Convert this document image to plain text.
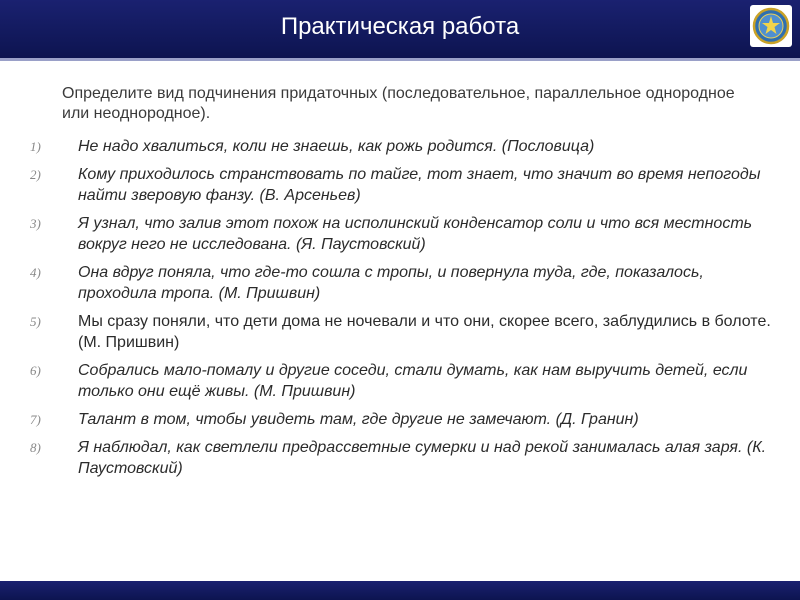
Практическая работа

Определите вид подчинения придаточных (последовательное, параллельное однородное или неоднородное).

1) Не надо хвалиться, коли не знаешь, как рожь родится. (Пословица)
2) Кому приходилось странствовать по тайге, тот знает, что значит во время непогоды найти зверовую фанзу. (В. Арсеньев)
3) Я узнал, что залив этот похож на исполинский конденсатор соли и что вся местность вокруг него не исследована. (Я. Паустовский)
4) Она вдруг поняла, что где-то сошла с тропы, и повернула туда, где, показалось, проходила тропа. (М. Пришвин)
5) Мы сразу поняли, что дети дома не ночевали и что они, скорее всего, заблудились в болоте. (М. Пришвин)
6) Собрались мало-помалу и другие соседи, стали думать, как нам выручить детей, если только они ещё живы. (М. Пришвин)
7) Талант в том, чтобы увидеть там, где другие не замечают. (Д. Гранин)
8) Я наблюдал, как светлели предрассветные сумерки и над рекой занималась алая заря. (К. Паустовский)
